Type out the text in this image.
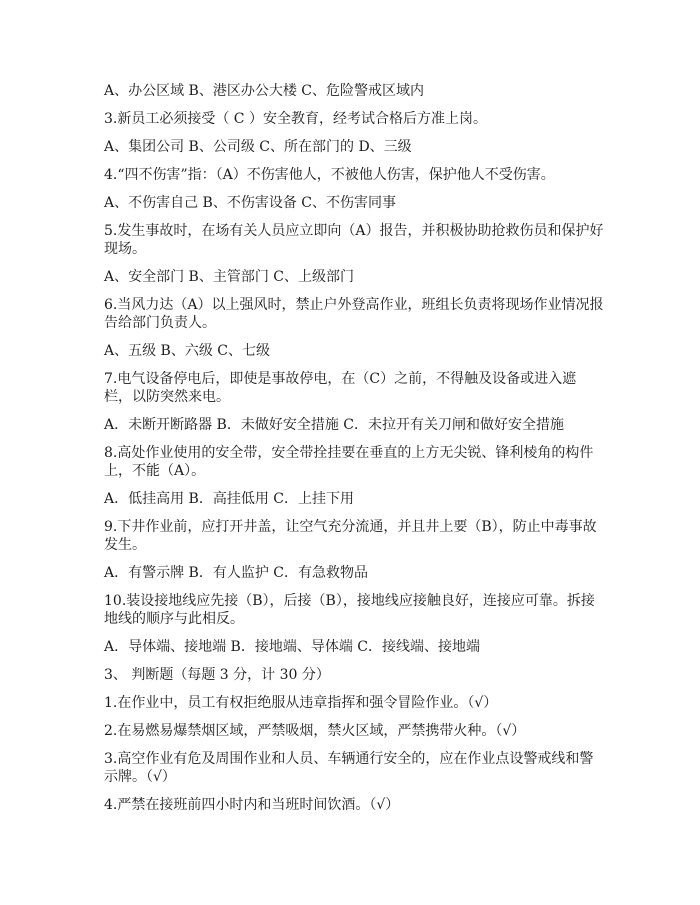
A、办公区域 B、港区办公大楼 C、危险警戒区域内
3.新员工必须接受（ C ）安全教育，经考试合格后方准上岗。
A、集团公司 B、公司级 C、所在部门的 D、三级
4.“四不伤害”指：（A）不伤害他人，不被他人伤害，保护他人不受伤害。
A、不伤害自己 B、不伤害设备 C、不伤害同事
5.发生事故时，在场有关人员应立即向（A）报告，并积极协助抢救伤员和保护好现场。
A、安全部门 B、主管部门 C、上级部门
6.当风力达（A）以上强风时，禁止户外登高作业，班组长负责将现场作业情况报告给部门负责人。
A、五级 B、六级 C、七级
7.电气设备停电后，即使是事故停电，在（C）之前，不得触及设备或进入遮栏，以防突然来电。
A．未断开断路器 B．未做好安全措施 C．未拉开有关刀闸和做好安全措施
8.高处作业使用的安全带，安全带拴挂要在垂直的上方无尖锐、锋利棱角的构件上，不能（A）。
A．低挂高用 B．高挂低用 C．上挂下用
9.下井作业前，应打开井盖，让空气充分流通，并且井上要（B），防止中毒事故发生。
A．有警示牌 B．有人监护 C．有急救物品
10.装设接地线应先接（B），后接（B），接地线应接触良好，连接应可靠。拆接地线的顺序与此相反。
A．导体端、接地端 B．接地端、导体端 C．接线端、接地端
3、 判断题（每题 3 分，计 30 分）
1.在作业中，员工有权拒绝服从违章指挥和强令冒险作业。（√）
2.在易燃易爆禁烟区域，严禁吸烟，禁火区域，严禁携带火种。（√）
3.高空作业有危及周围作业和人员、车辆通行安全的，应在作业点设警戒线和警示牌。（√）
4.严禁在接班前四小时内和当班时间饮酒。（√）
